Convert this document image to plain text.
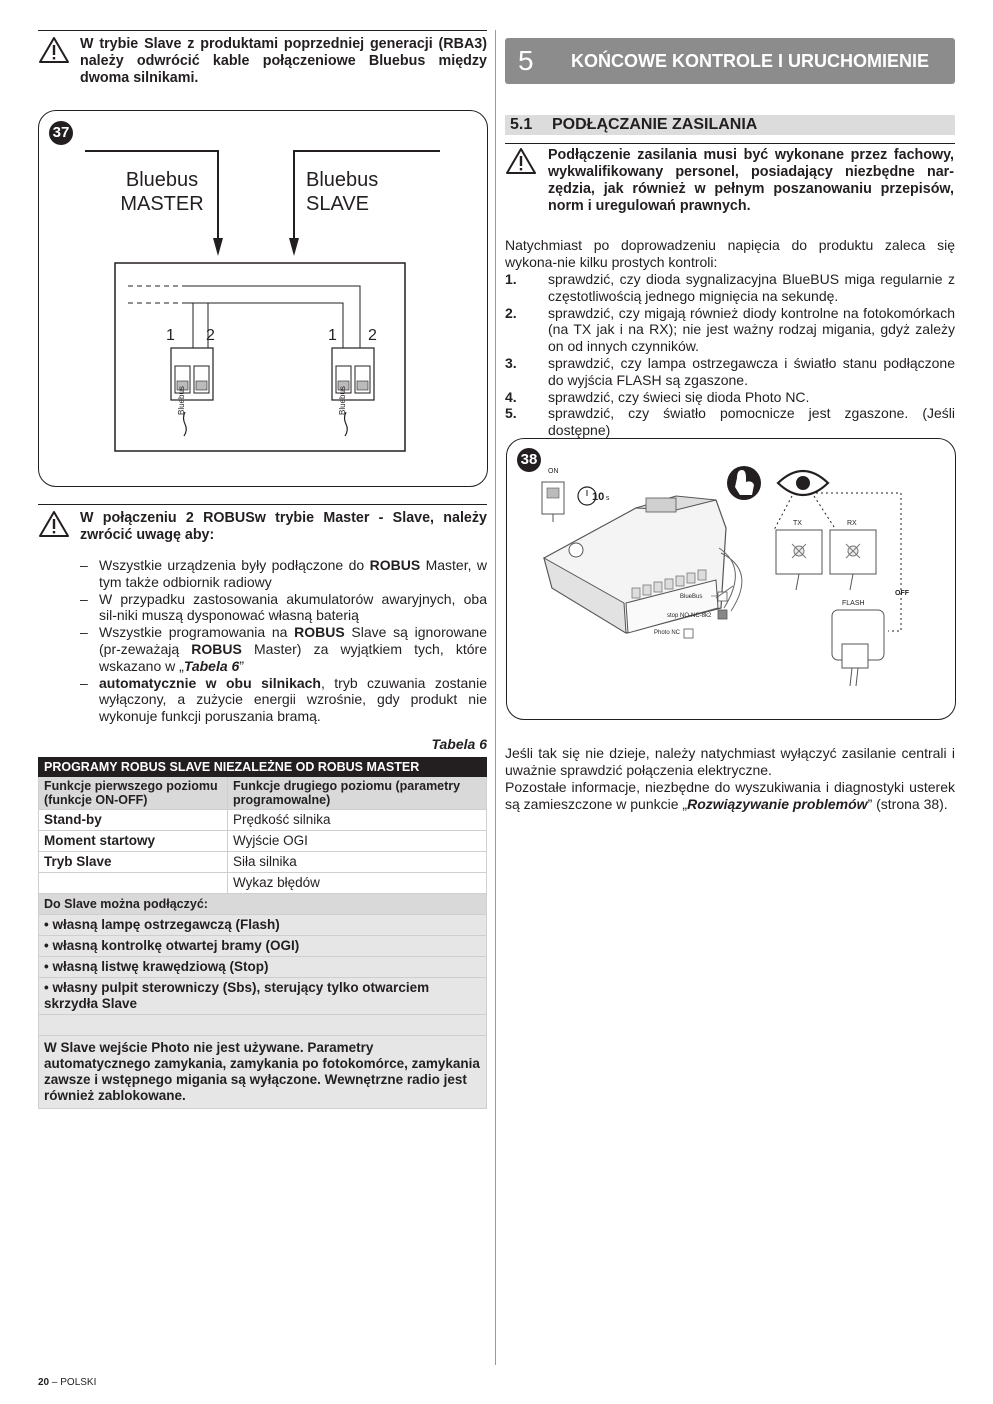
W trybie Slave z produktami poprzedniej generacji (RBA3) należy odwrócić kable połączeniowe Bluebus między dwoma silnikami.
37
Bluebus
MASTER
Bluebus
SLAVE
1 2	1 2
Bluebus	Bluebus
W połączeniu 2 ROBUSw trybie Master - Slave, należy zwrócić uwagę aby:
– Wszystkie urządzenia były podłączone do ROBUS Master, w tym także odbiornik radiowy
– W przypadku zastosowania akumulatorów awaryjnych, oba sil-niki muszą dysponować własną baterią
– Wszystkie programowania na ROBUS Slave są ignorowane (pr-zeważają ROBUS Master) za wyjątkiem tych, które wskazano w „Tabela 6”
– automatycznie w obu silnikach, tryb czuwania zostanie wyłączony, a zużycie energii wzrośnie, gdy produkt nie wykonuje funkcji poruszania bramą.
Tabela 6
PROGRAMY ROBUS SLAVE NIEZALEŻNE OD ROBUS MASTER	
Funkcje pierwszego poziomu (funkcje ON-OFF)	Funkcje drugiego poziomu (parametry programowalne)
Stand-by	Prędkość silnika
Moment startowy	Wyjście OGI
Tryb Slave	Siła silnika
	Wykaz błędów
Do Slave można podłączyć:	
• własną lampę ostrzegawczą (Flash)	
• własną kontrolkę otwartej bramy (OGI)	
• własną listwę krawędziową (Stop)	
• własny pulpit sterowniczy (Sbs), sterujący tylko otwarciem skrzydła Slave	

W Slave wejście Photo nie jest używane. Parametry automatycznego zamykania, zamykania po fotokomórce, zamykania zawsze i wstępnego migania są wyłączone. Wewnętrzne radio jest również zablokowane.	
5 KOŃCOWE KONTROLE I URUCHOMIENIE
5.1 PODŁĄCZANIE ZASILANIA
Podłączenie zasilania musi być wykonane przez fachowy, wykwalifikowany personel, posiadający niezbędne nar-zędzia, jak również w pełnym poszanowaniu przepisów, norm i uregulowań prawnych.
Natychmiast po doprowadzeniu napięcia do produktu zaleca się wykona-nie kilku prostych kontroli:
1. sprawdzić, czy dioda sygnalizacyjna BlueBUS miga regularnie z częstotliwością jednego mignięcia na sekundę.
2. sprawdzić, czy migają również diody kontrolne na fotokomórkach (na TX jak i na RX); nie jest ważny rodzaj migania, gdyż zależy on od innych czynników.
3. sprawdzić, czy lampa ostrzegawcza i światło stanu podłączone do wyjścia FLASH są zgaszone.
4. sprawdzić, czy świeci się dioda Photo NC.
5. sprawdzić, czy światło pomocnicze jest zgaszone. (Jeśli dostępne)
38
ON
10 s
TX	RX
FLASH
OFF
BlueBus
stop NO-NC-8k2
Photo NC
Jeśli tak się nie dzieje, należy natychmiast wyłączyć zasilanie centrali i uważnie sprawdzić połączenia elektryczne.
Pozostałe informacje, niezbędne do wyszukiwania i diagnostyki usterek są zamieszczone w punkcie „Rozwiązywanie problemów” (strona 38).
20 – POLSKI
